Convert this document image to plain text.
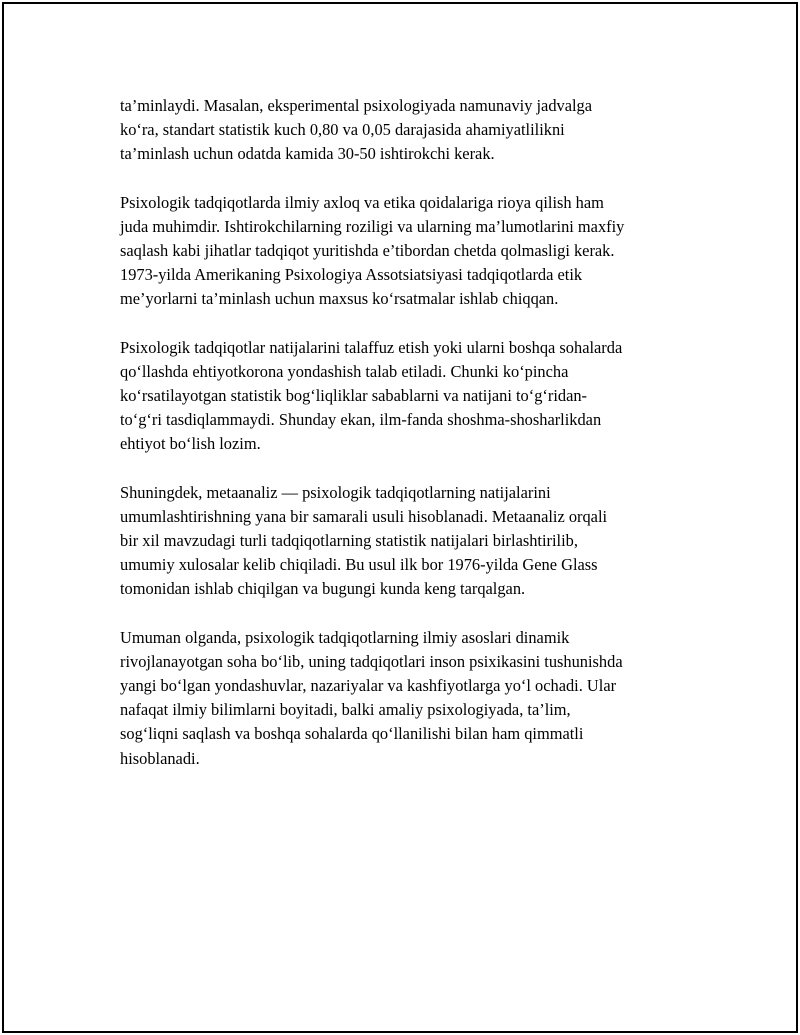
ta’minlaydi. Masalan, eksperimental psixologiyada namunaviy jadvalga
ko‘ra, standart statistik kuch 0,80 va 0,05 darajasida ahamiyatlilikni
ta’minlash uchun odatda kamida 30-50 ishtirokchi kerak.

Psixologik tadqiqotlarda ilmiy axloq va etika qoidalariga rioya qilish ham
juda muhimdir. Ishtirokchilarning roziligi va ularning ma’lumotlarini maxfiy
saqlash kabi jihatlar tadqiqot yuritishda e’tibordan chetda qolmasligi kerak.
1973-yilda Amerikaning Psixologiya Assotsiatsiyasi tadqiqotlarda etik
me’yorlarni ta’minlash uchun maxsus ko‘rsatmalar ishlab chiqqan.

Psixologik tadqiqotlar natijalarini talaffuz etish yoki ularni boshqa sohalarda
qo‘llashda ehtiyotkorona yondashish talab etiladi. Chunki ko‘pincha
ko‘rsatilayotgan statistik bog‘liqliklar sabablarni va natijani to‘g‘ridan-
to‘g‘ri tasdiqlammaydi. Shunday ekan, ilm-fanda shoshma-shosharlikdan
ehtiyot bo‘lish lozim.

Shuningdek, metaanaliz — psixologik tadqiqotlarning natijalarini
umumlashtirishning yana bir samarali usuli hisoblanadi. Metaanaliz orqali
bir xil mavzudagi turli tadqiqotlarning statistik natijalari birlashtirilib,
umumiy xulosalar kelib chiqiladi. Bu usul ilk bor 1976-yilda Gene Glass
tomonidan ishlab chiqilgan va bugungi kunda keng tarqalgan.

Umuman olganda, psixologik tadqiqotlarning ilmiy asoslari dinamik
rivojlanayotgan soha bo‘lib, uning tadqiqotlari inson psixikasini tushunishda
yangi bo‘lgan yondashuvlar, nazariyalar va kashfiyotlarga yo‘l ochadi. Ular
nafaqat ilmiy bilimlarni boyitadi, balki amaliy psixologiyada, ta’lim,
sog‘liqni saqlash va boshqa sohalarda qo‘llanilishi bilan ham qimmatli
hisoblanadi.
